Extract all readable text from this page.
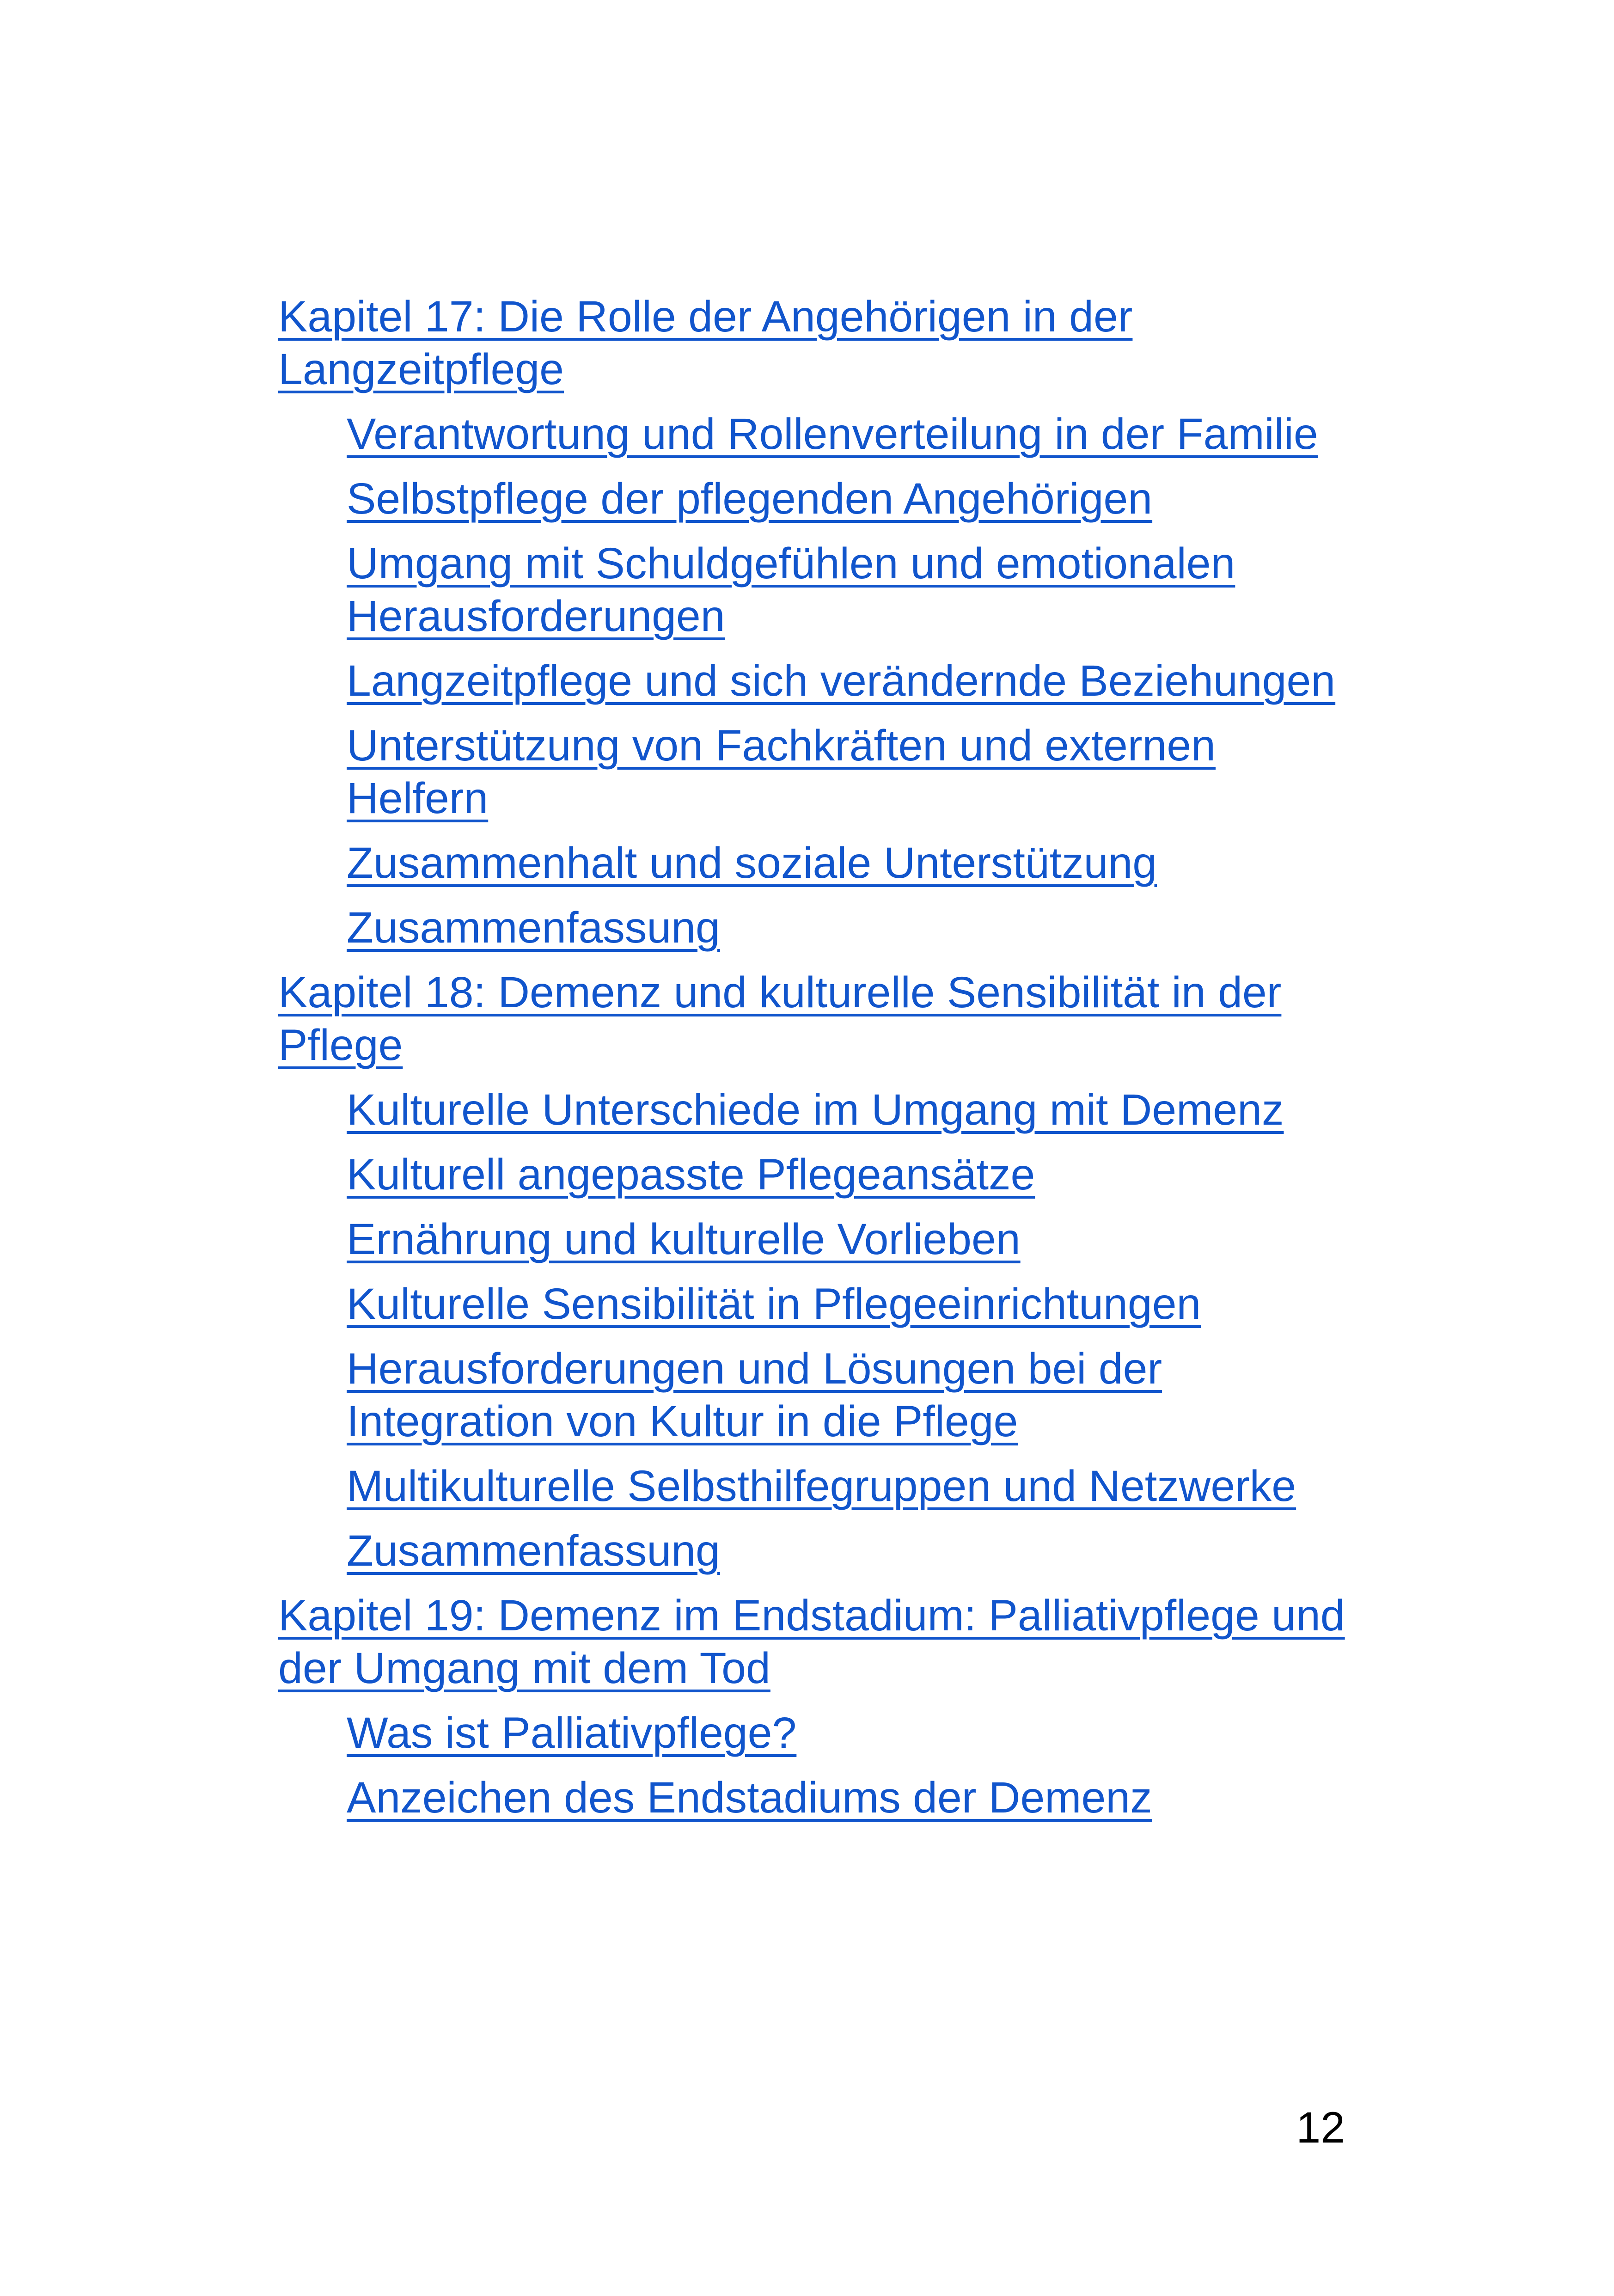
Kapitel 17: Die Rolle der Angehörigen in der Langzeitpflege
Verantwortung und Rollenverteilung in der Familie
Selbstpflege der pflegenden Angehörigen
Umgang mit Schuldgefühlen und emotionalen Herausforderungen
Langzeitpflege und sich verändernde Beziehungen
Unterstützung von Fachkräften und externen Helfern
Zusammenhalt und soziale Unterstützung
Zusammenfassung
Kapitel 18: Demenz und kulturelle Sensibilität in der Pflege
Kulturelle Unterschiede im Umgang mit Demenz
Kulturell angepasste Pflegeansätze
Ernährung und kulturelle Vorlieben
Kulturelle Sensibilität in Pflegeeinrichtungen
Herausforderungen und Lösungen bei der Integration von Kultur in die Pflege
Multikulturelle Selbsthilfegruppen und Netzwerke
Zusammenfassung
Kapitel 19: Demenz im Endstadium: Palliativpflege und der Umgang mit dem Tod
Was ist Palliativpflege?
Anzeichen des Endstadiums der Demenz
12
